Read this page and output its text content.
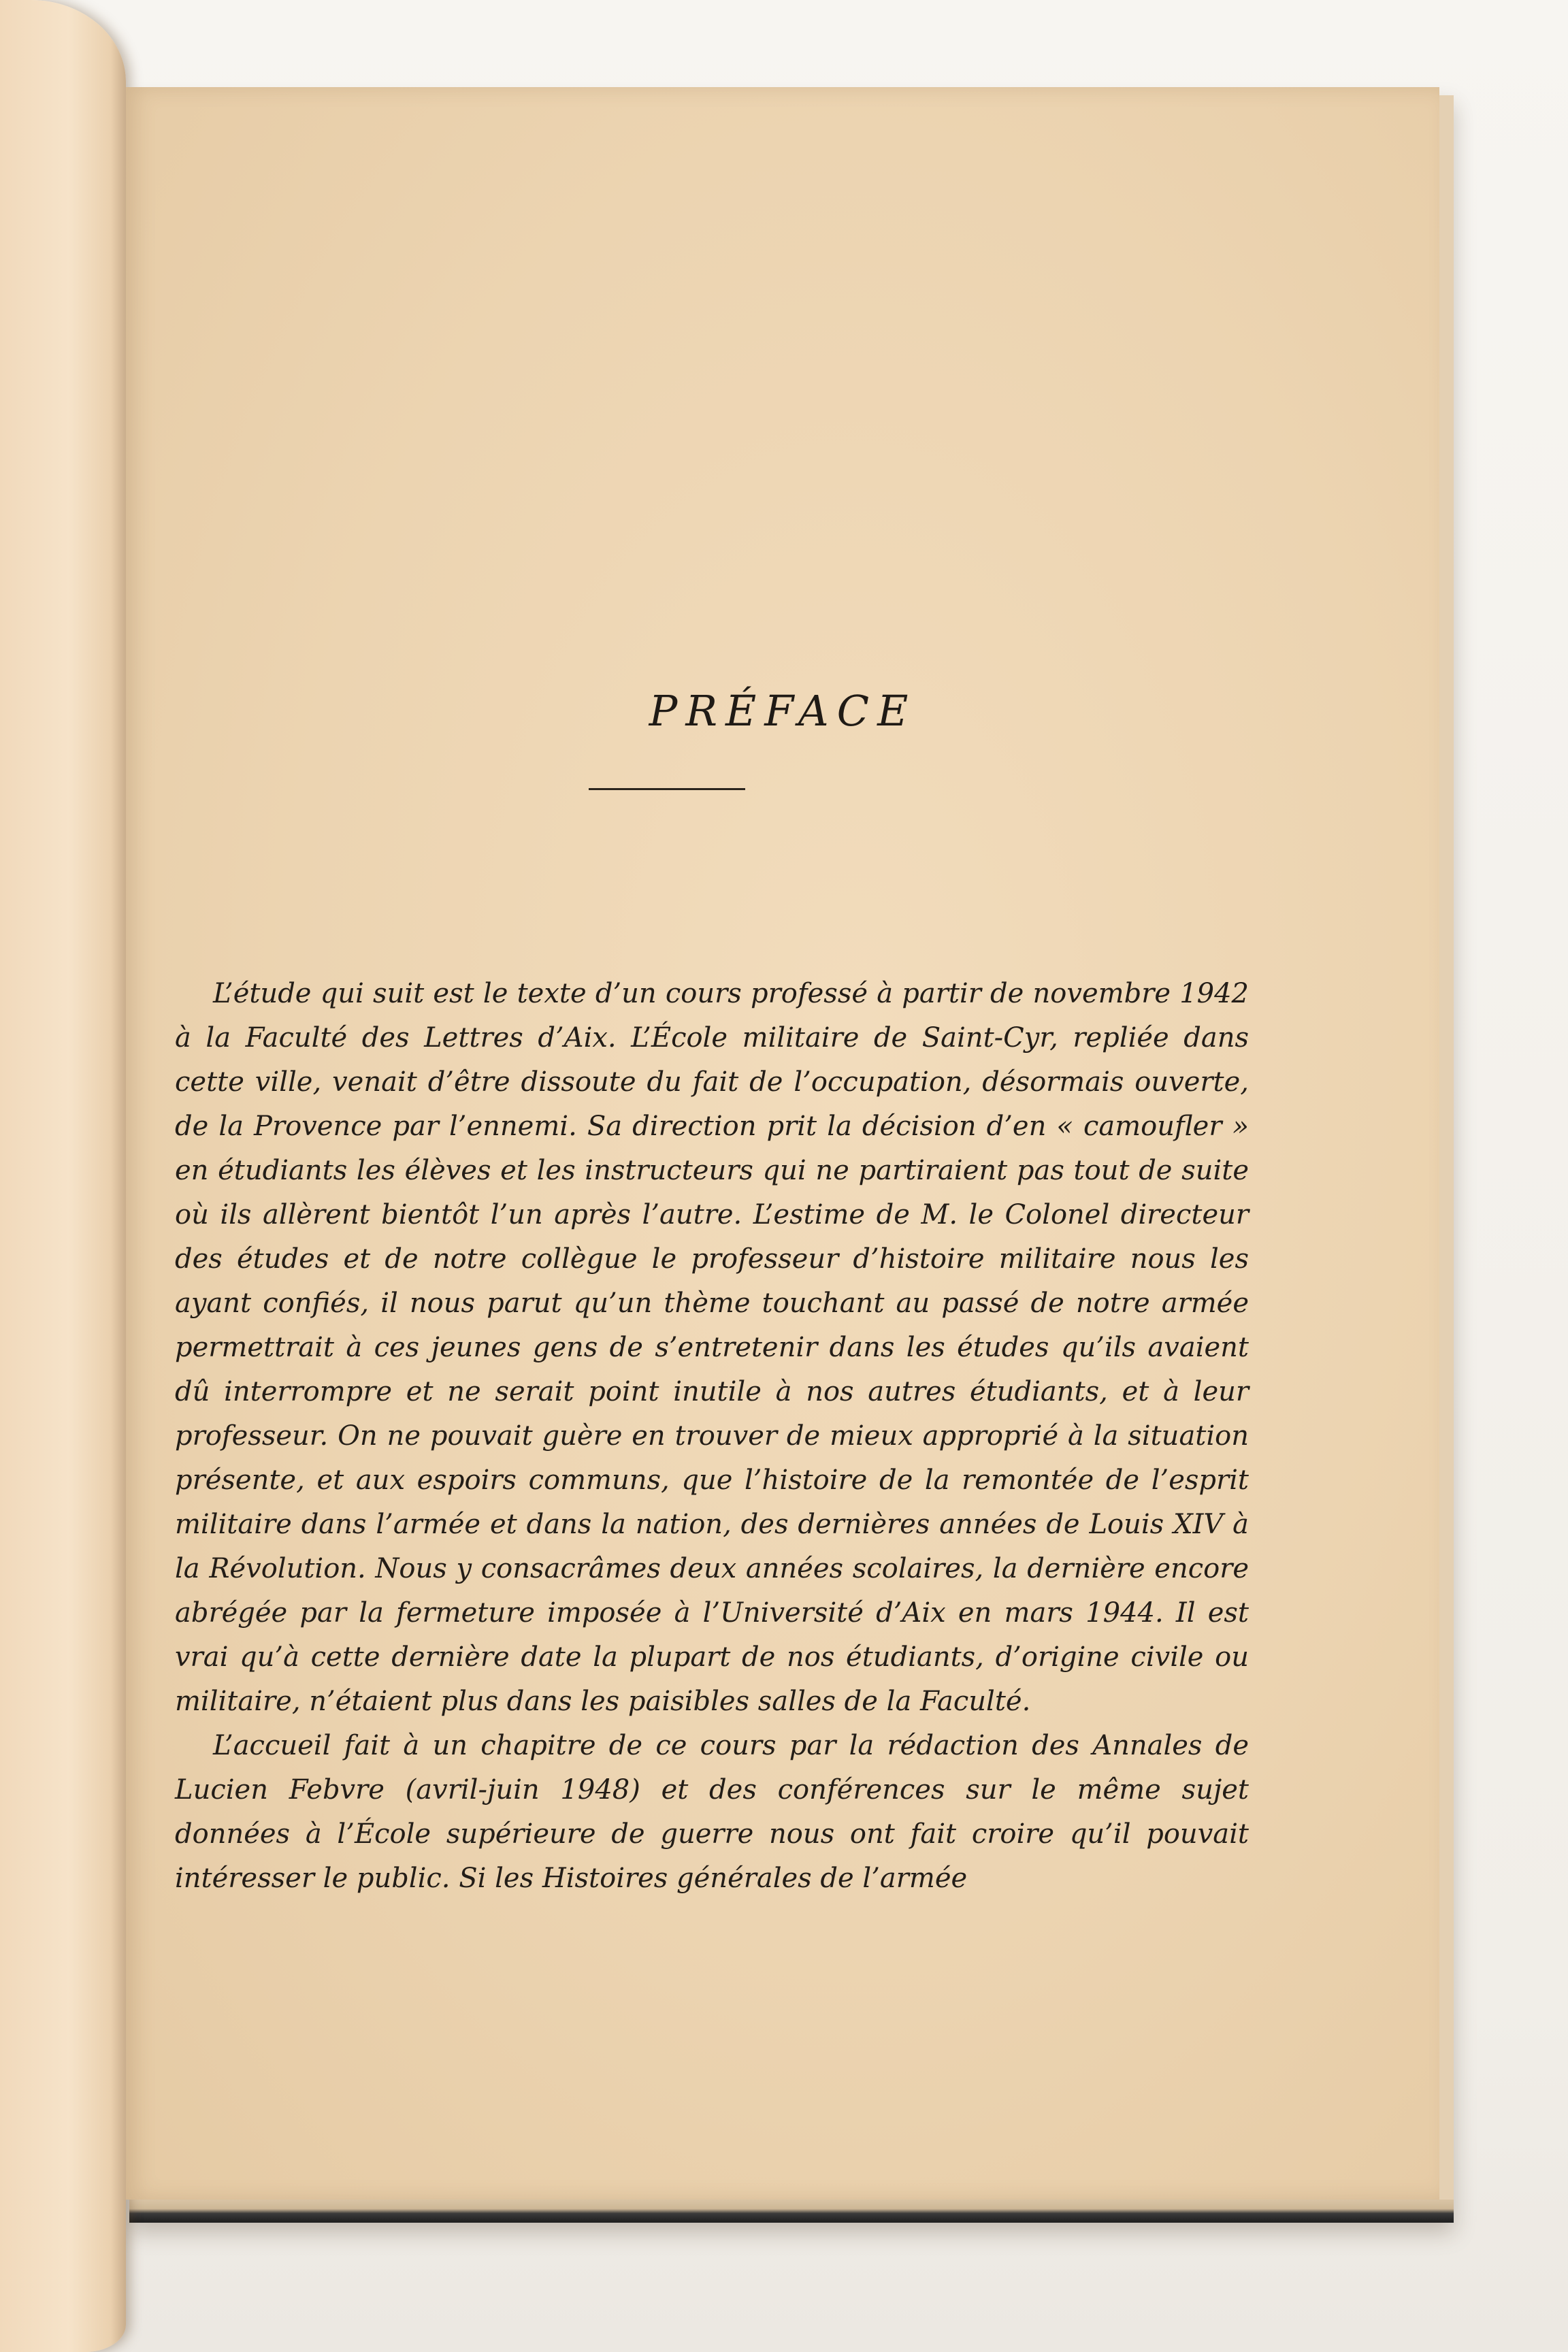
PRÉFACE

L’étude qui suit est le texte d’un cours professé à partir de novembre 1942 à la Faculté des Lettres d’Aix. L’École militaire de Saint-Cyr, repliée dans cette ville, venait d’être dissoute du fait de l’occupation, désormais ouverte, de la Provence par l’ennemi. Sa direction prit la décision d’en « camoufler » en étudiants les élèves et les instructeurs qui ne partiraient pas tout de suite où ils allèrent bientôt l’un après l’autre. L’estime de M. le Colonel directeur des études et de notre collègue le professeur d’histoire militaire nous les ayant confiés, il nous parut qu’un thème touchant au passé de notre armée permettrait à ces jeunes gens de s’entretenir dans les études qu’ils avaient dû interrompre et ne serait point inutile à nos autres étudiants, et à leur professeur. On ne pouvait guère en trouver de mieux approprié à la situation présente, et aux espoirs communs, que l’histoire de la remontée de l’esprit militaire dans l’armée et dans la nation, des dernières années de Louis XIV à la Révolution. Nous y consacrâmes deux années scolaires, la dernière encore abrégée par la fermeture imposée à l’Université d’Aix en mars 1944. Il est vrai qu’à cette dernière date la plupart de nos étudiants, d’origine civile ou militaire, n’étaient plus dans les paisibles salles de la Faculté.

L’accueil fait à un chapitre de ce cours par la rédaction des Annales de Lucien Febvre (avril-juin 1948) et des conférences sur le même sujet données à l’École supérieure de guerre nous ont fait croire qu’il pouvait intéresser le public. Si les Histoires générales de l’armée
